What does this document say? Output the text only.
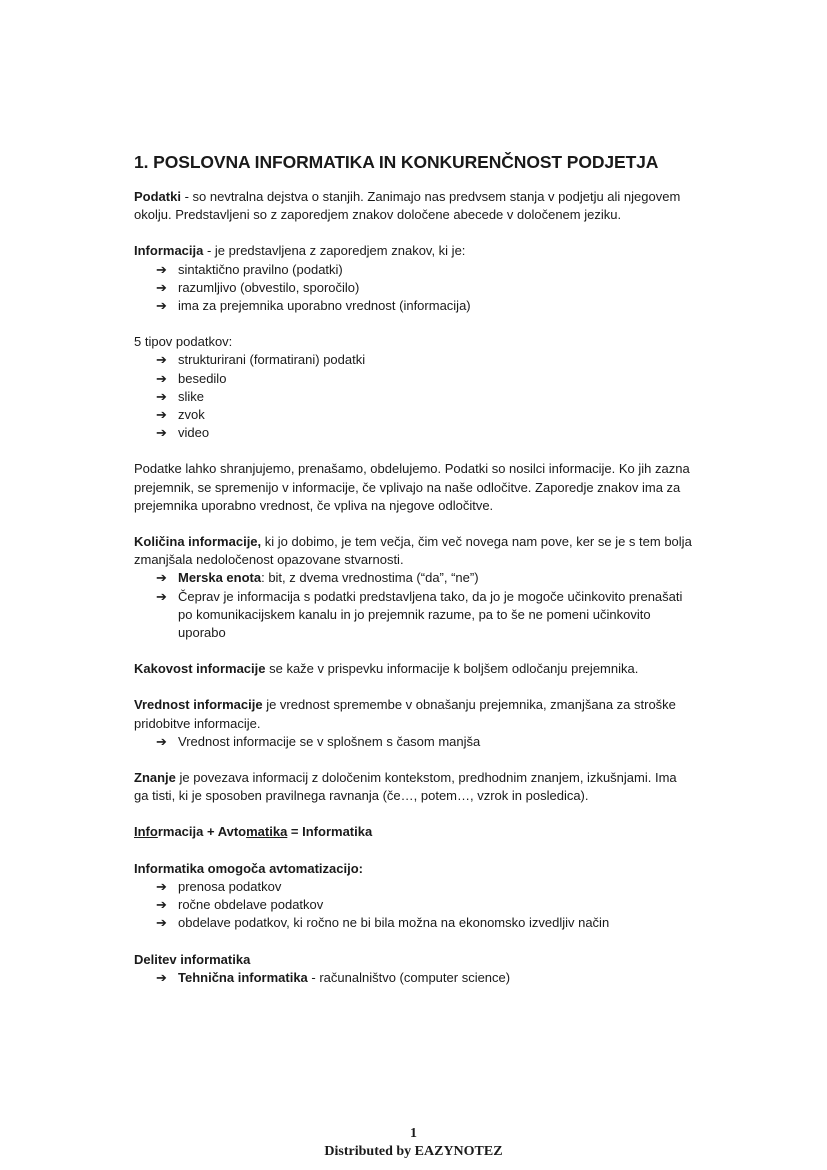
1. POSLOVNA INFORMATIKA IN KONKURENČNOST PODJETJA

Podatki - so nevtralna dejstva o stanjih. Zanimajo nas predvsem stanja v podjetju ali njegovem okolju. Predstavljeni so z zaporedjem znakov določene abecede v določenem jeziku.

Informacija - je predstavljena z zaporedjem znakov, ki je:

➔ sintaktično pravilno (podatki)
➔ razumljivo (obvestilo, sporočilo)
➔ ima za prejemnika uporabno vrednost (informacija)

5 tipov podatkov:

➔ strukturirani (formatirani) podatki
➔ besedilo
➔ slike
➔ zvok
➔ video

Podatke lahko shranjujemo, prenašamo, obdelujemo. Podatki so nosilci informacije. Ko jih zazna prejemnik, se spremenijo v informacije, če vplivajo na naše odločitve. Zaporedje znakov ima za prejemnika uporabno vrednost, če vpliva na njegove odločitve.

Količina informacije, ki jo dobimo, je tem večja, čim več novega nam pove, ker se je s tem bolja zmanjšala nedoločenost opazovane stvarnosti.

➔ Merska enota: bit, z dvema vrednostima (“da”, “ne”)
➔ Čeprav je informacija s podatki predstavljena tako, da jo je mogoče učinkovito prenašati po komunikacijskem kanalu in jo prejemnik razume, pa to še ne pomeni učinkovito uporabo

Kakovost informacije se kaže v prispevku informacije k boljšem odločanju prejemnika.

Vrednost informacije je vrednost spremembe v obnašanju prejemnika, zmanjšana za stroške pridobitve informacije.

➔ Vrednost informacije se v splošnem s časom manjša

Znanje je povezava informacij z določenim kontekstom, predhodnim znanjem, izkušnjami. Ima ga tisti, ki je sposoben pravilnega ravnanja (če…, potem…, vzrok in posledica).

Informacija + Avtomatika = Informatika

Informatika omogoča avtomatizacijo:

➔ prenosa podatkov
➔ ročne obdelave podatkov
➔ obdelave podatkov, ki ročno ne bi bila možna na ekonomsko izvedljiv način

Delitev informatika

➔ Tehnična informatika - računalništvo (computer science)
1
Distributed by EAZYNOTEZ
